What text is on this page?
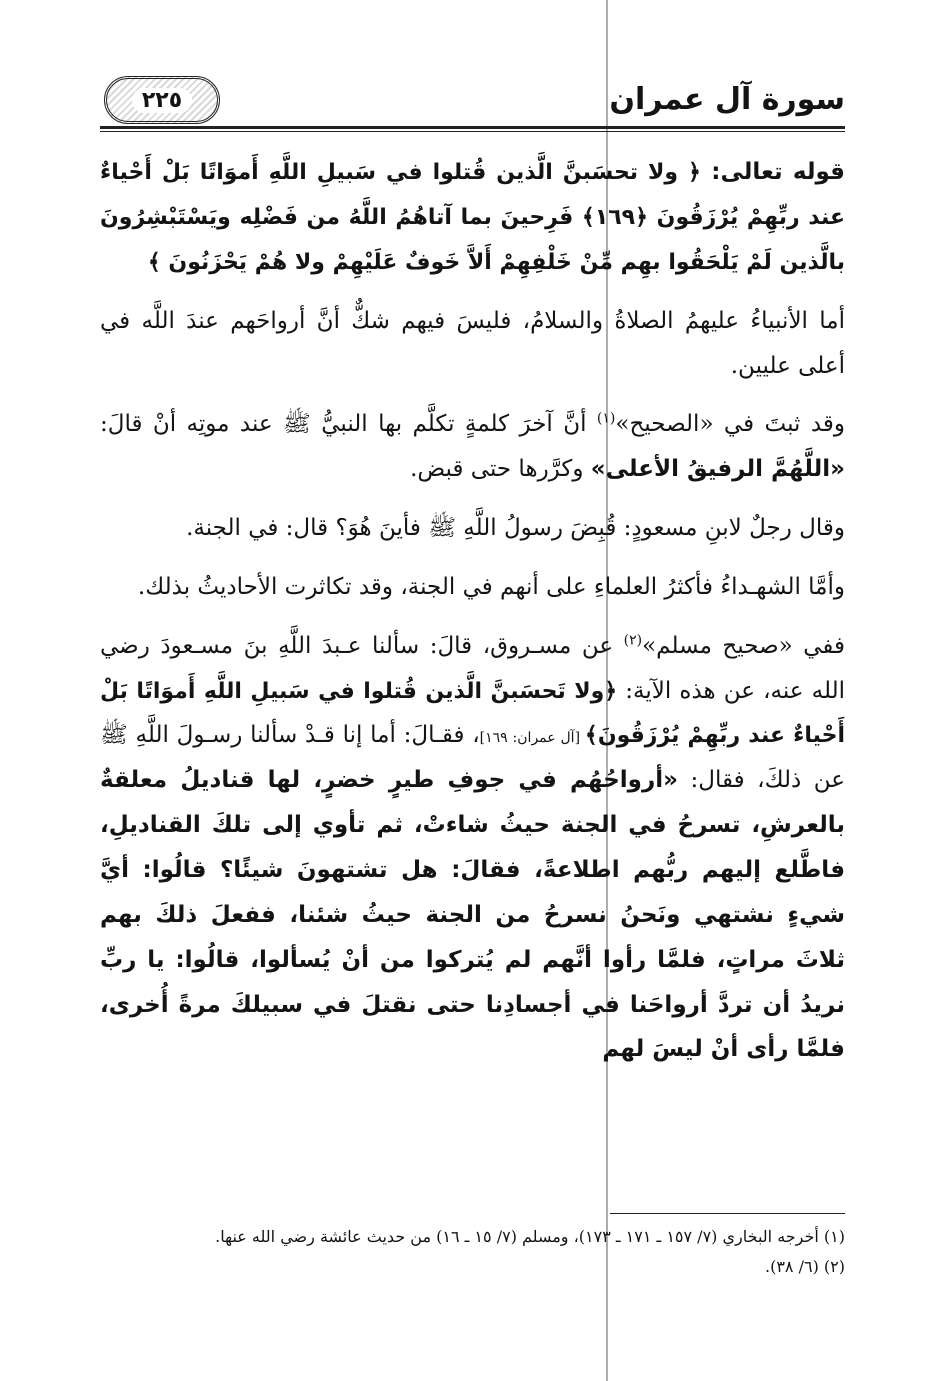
سورة آل عمران
٢٢٥

قوله تعالى: ﴿ ولا تحسَبنَّ الَّذين قُتلوا في سَبيلِ اللَّهِ أَموَاتًا بَلْ أَحْياءٌ عند ربِّهِمْ يُرْزَقُونَ ﴿١٦٩﴾ فَرِحينَ بما آتاهُمُ اللَّهُ من فَضْلِه ويَسْتَبْشِرُونَ بالَّذين لَمْ يَلْحَقُوا بهِم مِّنْ خَلْفِهِمْ أَلاَّ خَوفٌ عَلَيْهِمْ ولا هُمْ يَحْزَنُونَ ﴾

أما الأنبياءُ عليهمُ الصلاةُ والسلامُ، فليسَ فيهم شكٌّ أنَّ أرواحَهم عندَ اللَّه في أعلى عليين.

وقد ثبتَ في «الصحيح»$^{(١)}$ أنَّ آخرَ كلمةٍ تكلَّم بها النبيُّ ﷺ عند موتِه أنْ قالَ: «اللَّهُمَّ الرفيقُ الأعلى» وكرَّرها حتى قبض.

وقال رجلٌ لابنِ مسعودٍ: قُبِضَ رسولُ اللَّهِ ﷺ فأينَ هُوَ؟ قال: في الجنة.

وأمَّا الشهـداءُ فأكثرُ العلماءِ على أنهم في الجنة، وقد تكاثرت الأحاديثُ بذلك.

ففي «صحيح مسلم»$^{(٢)}$ عن مسـروق، قالَ: سألنا عـبدَ اللَّهِ بنَ مسـعودَ رضي الله عنه، عن هذه الآية: ﴿ولا تَحسَبنَّ الَّذين قُتلوا في سَبيلِ اللَّهِ أَموَاتًا بَلْ أَحْياءٌ عند ربِّهِمْ يُرْزَقُونَ﴾ [آل عمران: ١٦٩]، فقـالَ: أما إنا قـدْ سألنا رسـولَ اللَّهِ ﷺ عن ذلكَ، فقال: «أرواحُهُم في جوفِ طيرٍ خضرٍ، لها قناديلُ معلقةٌ بالعرشِ، تسرحُ في الجنة حيثُ شاءتْ، ثم تأوي إلى تلكَ القناديلِ، فاطَّلع إليهم ربُّهم اطلاعةً، فقالَ: هل تشتهونَ شيئًا؟ قالُوا: أيَّ شيءٍ نشتهي ونَحنُ نسرحُ من الجنة حيثُ شئنا، ففعلَ ذلكَ بهم ثلاثَ مراتٍ، فلمَّا رأوا أنَّهم لم يُتركوا من أنْ يُسألوا، قالُوا: يا ربِّ نريدُ أن تردَّ أرواحَنا في أجسادِنا حتى نقتلَ في سبيلكَ مرةً أُخرى، فلمَّا رأى أنْ ليسَ لهم

(١) أخرجه البخاري (٧/ ١٥٧ ـ ١٧١ ـ ١٧٣)، ومسلم (٧/ ١٥ ـ ١٦) من حديث عائشة رضي الله عنها.

(٢) (٦/ ٣٨).
